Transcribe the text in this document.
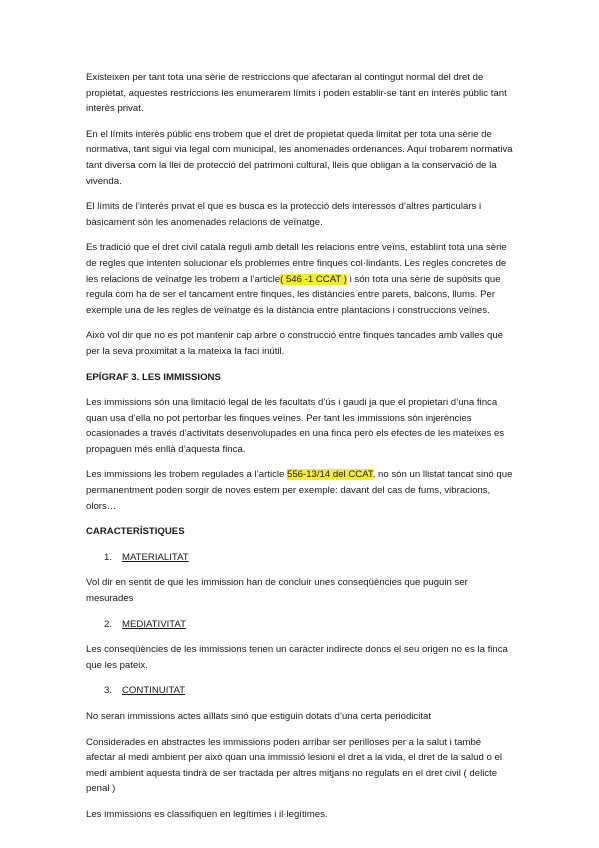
Existeixen per tant tota una sèrie de restriccions que afectaran al contingut normal del dret de propietat, aquestes restriccions les enumerarem límits i poden establir-se tant en interès públic tant interès privat.

En el límits interès públic ens trobem que el dret de propietat queda limitat per tota una sèrie de normativa, tant sigui via legal com municipal, les anomenades ordenances. Aquí trobarem normativa tant diversa com la llei de protecció del patrimoni cultural, lleis que obligan a la conservació de la vivenda.

El límits de l’interès privat el que es busca es la protecció dels interessos d’altres particulars i bàsicament són les anomenades relacions de veïnatge.

Es tradició que el dret civil català reguli amb detall les relacions entre veïns, establint tota una sèrie de regles que intenten solucionar els problemes entre finques col·lindants. Les regles concretes de les relacions de veïnatge les trobem a l’article( 546 -1 CCAT ) i són tota una sèrie de supòsits que regula com ha de ser el tancament entre finques, les distàncies entre parets, balcons, llums. Per exemple una de les regles de veïnatge és la distància entre plantacions i construccions veïnes.

Això vol dir que no es pot mantenir cap arbre o construcció entre finques tancades amb valles que per la seva proximitat a la mateixa la faci inútil.

EPÍGRAF 3. LES IMMISSIONS

Les immissions són una limitació legal de les facultats d’ús i gaudi ja que el propietari d’una finca quan usa d’ella no pot pertorbar les finques veïnes. Per tant les immissions són injerències ocasionades a través d’activitats desenvolupades en una finca però els efectes de les mateixes es propaguen més enllà d’aquesta finca.

Les immissions les trobem regulades a l’article 556-13/14 del CCAT, no són un llistat tancat sinó que permanentment poden sorgir de noves estem per exemple: davant del cas de fums, vibracions, olors…

CARACTERÍSTIQUES
1. MATERIALITAT

Vol dir en sentit de que les immission han de concluir unes conseqüències que puguin ser mesurades

2. MEDIATIVITAT

Les conseqüències de les immissions tenen un caràcter indirecte doncs el seu origen no es la finca que les pateix.

3. CONTINUITAT

No seran immissions actes aïllats sinó que estiguin dotats d’una certa periodicitat

Considerades en abstractes les immissions poden arribar ser perilloses per a la salut i també afectar al medi ambient per això quan una immissió lesioni el dret a la vida, el dret de la salud o el medi ambient aquesta tindrà de ser tractada per altres mitjans no regulats en el dret civil ( delicte penal )

Les immissions es classifiquen en legítimes i il·legítimes.
